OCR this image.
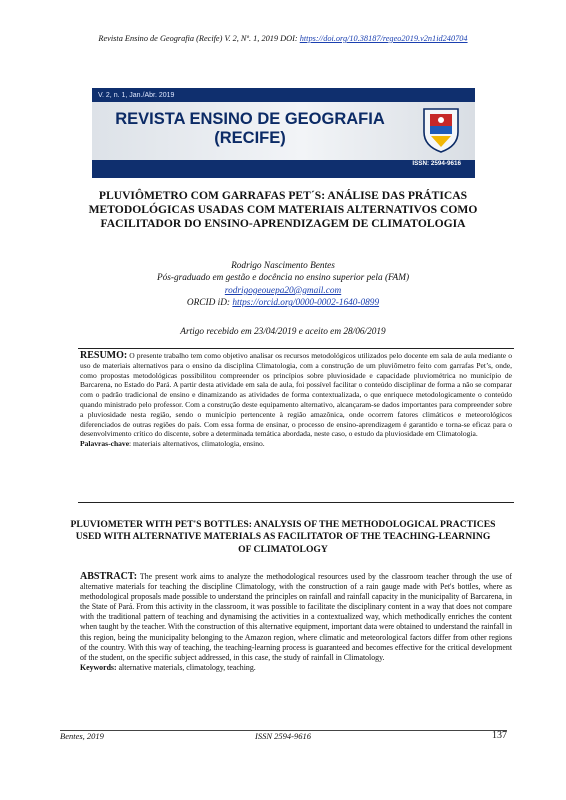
Revista Ensino de Geografia (Recife) V. 2, Nº. 1, 2019 DOI: https://doi.org/10.38187/regeo2019.v2n1id240704
V. 2, n. 1, Jan./Abr. 2019
REVISTA ENSINO DE GEOGRAFIA
(RECIFE)
ISSN: 2594-9616
PLUVIÔMETRO COM GARRAFAS PET´S: ANÁLISE DAS PRÁTICAS METODOLÓGICAS USADAS COM MATERIAIS ALTERNATIVOS COMO FACILITADOR DO ENSINO-APRENDIZAGEM DE CLIMATOLOGIA
Rodrigo Nascimento Bentes
Pós-graduado em gestão e docência no ensino superior pela (FAM)
rodrigogeouepa20@gmail.com
ORCID iD: https://orcid.org/0000-0002-1640-0899
Artigo recebido em 23/04/2019 e aceito em 28/06/2019
RESUMO: O presente trabalho tem como objetivo analisar os recursos metodológicos utilizados pelo docente em sala de aula mediante o uso de materiais alternativos para o ensino da disciplina Climatologia, com a construção de um pluviômetro feito com garrafas Pet’s, onde, como propostas metodológicas possibilitou compreender os princípios sobre pluviosidade e capacidade pluviométrica no município de Barcarena, no Estado do Pará. A partir desta atividade em sala de aula, foi possível facilitar o conteúdo disciplinar de forma a não se comparar com o padrão tradicional de ensino e dinamizando as atividades de forma contextualizada, o que enriquece metodologicamente o conteúdo quando ministrado pelo professor. Com a construção deste equipamento alternativo, alcançaram-se dados importantes para compreender sobre a pluviosidade nesta região, sendo o município pertencente à região amazônica, onde ocorrem fatores climáticos e meteorológicos diferenciados de outras regiões do país. Com essa forma de ensinar, o processo de ensino-aprendizagem é garantido e torna-se eficaz para o desenvolvimento crítico do discente, sobre a determinada temática abordada, neste caso, o estudo da pluviosidade em Climatologia.
Palavras-chave: materiais alternativos, climatologia, ensino.
PLUVIOMETER WITH PET'S BOTTLES: ANALYSIS OF THE METHODOLOGICAL PRACTICES USED WITH ALTERNATIVE MATERIALS AS FACILITATOR OF THE TEACHING-LEARNING OF CLIMATOLOGY
ABSTRACT: The present work aims to analyze the methodological resources used by the classroom teacher through the use of alternative materials for teaching the discipline Climatology, with the construction of a rain gauge made with Pet's bottles, where as methodological proposals made possible to understand the principles on rainfall and rainfall capacity in the municipality of Barcarena, in the State of Pará. From this activity in the classroom, it was possible to facilitate the disciplinary content in a way that does not compare with the traditional pattern of teaching and dynamising the activities in a contextualized way, which methodically enriches the content when taught by the teacher. With the construction of this alternative equipment, important data were obtained to understand the rainfall in this region, being the municipality belonging to the Amazon region, where climatic and meteorological factors differ from other regions of the country. With this way of teaching, the teaching-learning process is guaranteed and becomes effective for the critical development of the student, on the specific subject addressed, in this case, the study of rainfall in Climatology.
Keywords: alternative materials, climatology, teaching.
Bentes, 2019	ISSN 2594-9616	137
